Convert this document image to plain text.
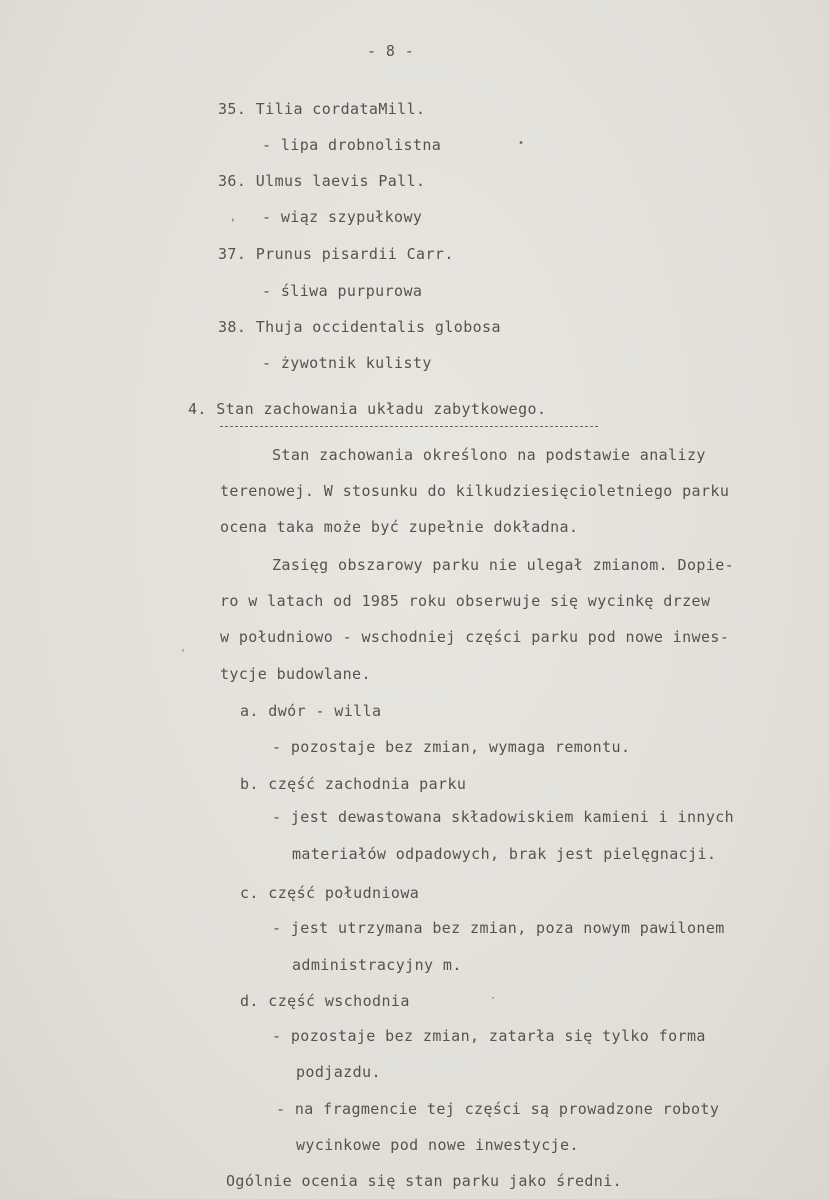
- 8 -
35. Tilia cordataMill.
- lipa drobnolistna
36. Ulmus laevis Pall.
- wiąz szypułkowy
37. Prunus pisardii Carr.
- śliwa purpurowa
38. Thuja occidentalis globosa
- żywotnik kulisty
4. Stan zachowania układu zabytkowego.
Stan zachowania określono na podstawie analizy
terenowej. W stosunku do kilkudziesięcioletniego parku
ocena taka może być zupełnie dokładna.
Zasięg obszarowy parku nie ulegał zmianom. Dopie-
ro w latach od 1985 roku obserwuje się wycinkę drzew
w południowo - wschodniej części parku pod nowe inwes-
tycje budowlane.
a. dwór - willa
- pozostaje bez zmian, wymaga remontu.
b. część zachodnia parku
- jest dewastowana składowiskiem kamieni i innych
materiałów odpadowych, brak jest pielęgnacji.
c. część południowa
- jest utrzymana bez zmian, poza nowym pawilonem
administracyjny m.
d. część wschodnia
- pozostaje bez zmian, zatarła się tylko forma
podjazdu.
- na fragmencie tej części są prowadzone roboty
wycinkowe pod nowe inwestycje.
Ogólnie ocenia się stan parku jako średni.
•
,
'
·
